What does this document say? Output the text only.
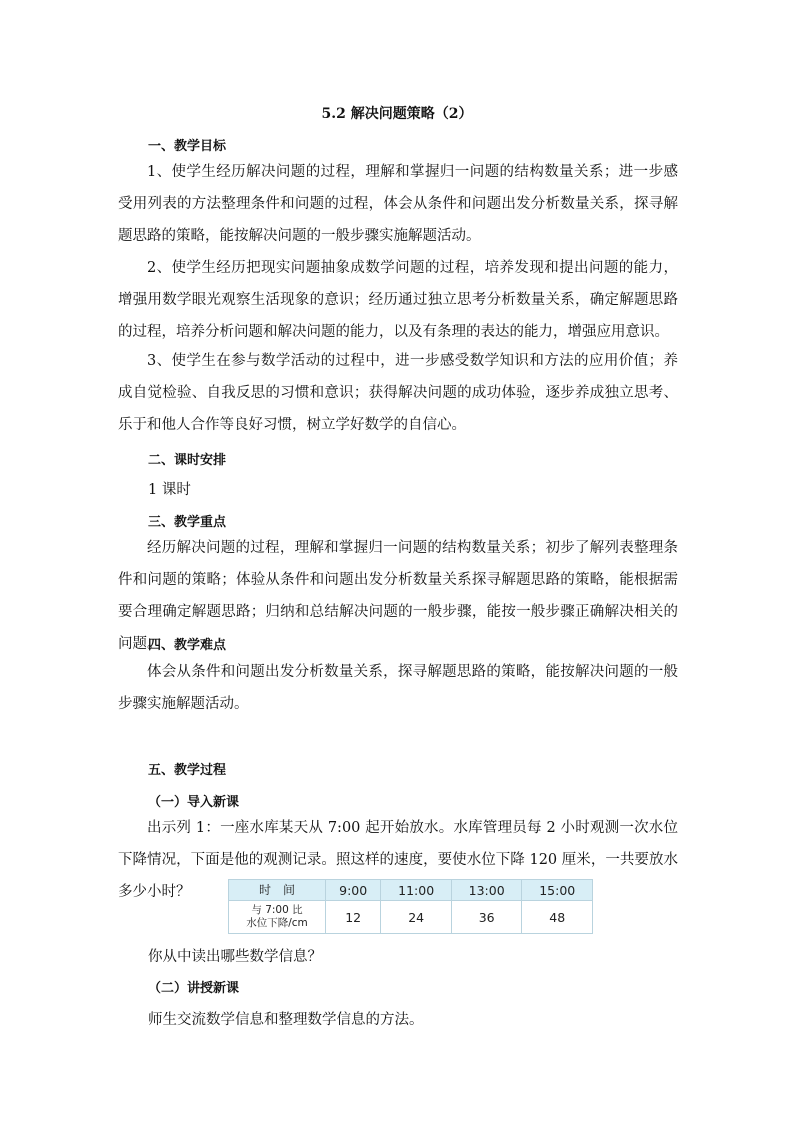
5.2 解决问题策略（2）
一、教学目标
1、使学生经历解决问题的过程，理解和掌握归一问题的结构数量关系；进一步感受用列表的方法整理条件和问题的过程，体会从条件和问题出发分析数量关系，探寻解题思路的策略，能按解决问题的一般步骤实施解题活动。
2、使学生经历把现实问题抽象成数学问题的过程，培养发现和提出问题的能力，增强用数学眼光观察生活现象的意识；经历通过独立思考分析数量关系，确定解题思路的过程，培养分析问题和解决问题的能力，以及有条理的表达的能力，增强应用意识。
3、使学生在参与数学活动的过程中，进一步感受数学知识和方法的应用价值；养成自觉检验、自我反思的习惯和意识；获得解决问题的成功体验，逐步养成独立思考、乐于和他人合作等良好习惯，树立学好数学的自信心。
二、课时安排
1 课时
三、教学重点
经历解决问题的过程，理解和掌握归一问题的结构数量关系；初步了解列表整理条件和问题的策略；体验从条件和问题出发分析数量关系探寻解题思路的策略，能根据需要合理确定解题思路；归纳和总结解决问题的一般步骤，能按一般步骤正确解决相关的问题。
四、教学难点
体会从条件和问题出发分析数量关系，探寻解题思路的策略，能按解决问题的一般步骤实施解题活动。
五、教学过程
（一）导入新课
出示列 1：一座水库某天从 7:00 起开始放水。水库管理员每 2 小时观测一次水位下降情况，下面是他的观测记录。照这样的速度，要使水位下降 120 厘米，一共要放水多少小时？	时　间	9:00	11:00	13:00	15:00

与 7:00 比
水位下降/cm	12	24	36	48
你从中读出哪些数学信息？
（二）讲授新课
师生交流数学信息和整理数学信息的方法。
